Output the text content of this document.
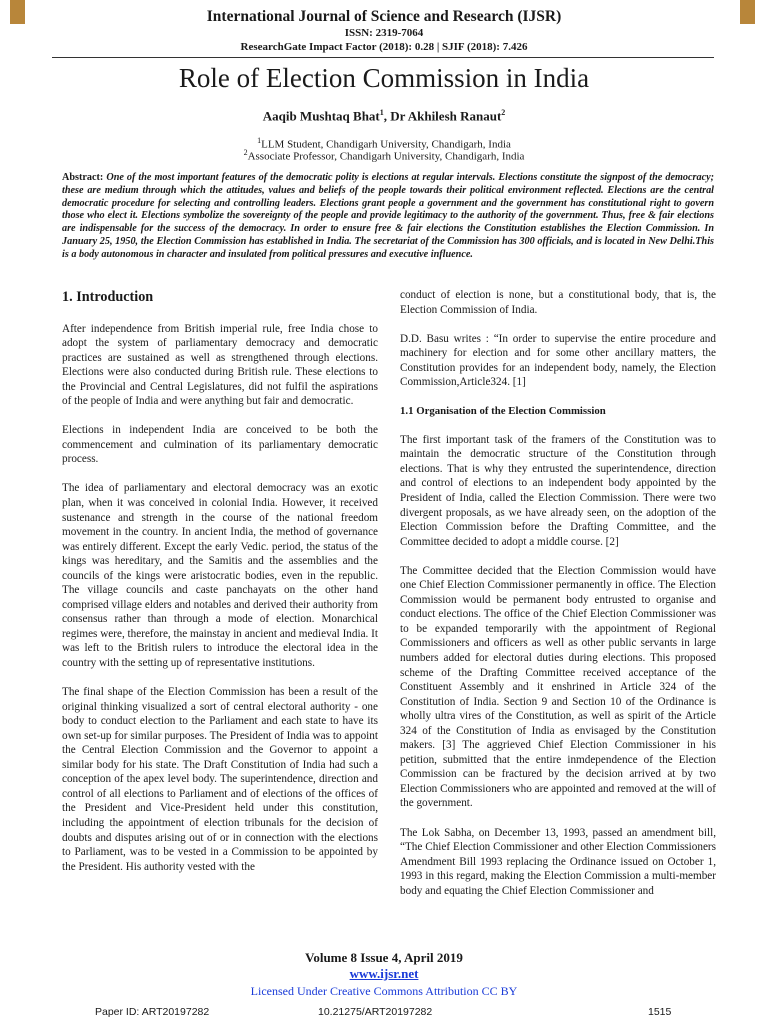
International Journal of Science and Research (IJSR)
ISSN: 2319-7064
ResearchGate Impact Factor (2018): 0.28 | SJIF (2018): 7.426
Role of Election Commission in India
Aaqib Mushtaq Bhat$^1$, Dr Akhilesh Ranaut$^2$
$^1$LLM Student, Chandigarh University, Chandigarh, India
$^2$Associate Professor, Chandigarh University, Chandigarh, India
Abstract: One of the most important features of the democratic polity is elections at regular intervals. Elections constitute the signpost of the democracy; these are medium through which the attitudes, values and beliefs of the people towards their political environment reflected. Elections are the central democratic procedure for selecting and controlling leaders. Elections grant people a government and the government has constitutional right to govern those who elect it. Elections symbolize the sovereignty of the people and provide legitimacy to the authority of the government. Thus, free & fair elections are indispensable for the success of the democracy. In order to ensure free & fair elections the Constitution establishes the Election Commission. In January 25, 1950, the Election Commission has established in India. The secretariat of the Commission has 300 officials, and is located in New Delhi.This is a body autonomous in character and insulated from political pressures and executive influence.
1. Introduction

After independence from British imperial rule, free India chose to adopt the system of parliamentary democracy and democratic practices are sustained as well as strengthened through elections. Elections were also conducted during British rule. These elections to the Provincial and Central Legislatures, did not fulfil the aspirations of the people of India and were anything but fair and democratic.

Elections in independent India are conceived to be both the commencement and culmination of its parliamentary democratic process.

The idea of parliamentary and electoral democracy was an exotic plan, when it was conceived in colonial India. However, it received sustenance and strength in the course of the national freedom movement in the country. In ancient India, the method of governance was entirely different. Except the early Vedic. period, the status of the kings was hereditary, and the Samitis and the assemblies and the councils of the kings were aristocratic bodies, even in the republic. The village councils and caste panchayats on the other hand comprised village elders and notables and derived their authority from consensus rather than through a mode of election. Monarchical regimes were, therefore, the mainstay in ancient and medieval India. It was left to the British rulers to introduce the electoral idea in the country with the setting up of representative institutions.

The final shape of the Election Commission has been a result of the original thinking visualized a sort of central electoral authority - one body to conduct election to the Parliament and each state to have its own set-up for similar purposes. The President of India was to appoint the Central Election Commission and the Governor to appoint a similar body for his state. The Draft Constitution of India had such a conception of the apex level body. The superintendence, direction and control of all elections to Parliament and of elections of the offices of the President and Vice-President held under this constitution, including the appointment of election tribunals for the decision of doubts and disputes arising out of or in connection with the elections to Parliament, was to be vested in a Commission to be appointed by the President. His authority vested with the

conduct of election is none, but a constitutional body, that is, the Election Commission of India.

D.D. Basu writes : “In order to supervise the entire procedure and machinery for election and for some other ancillary matters, the Constitution provides for an independent body, namely, the Election Commission,Article324. [1]

1.1 Organisation of the Election Commission

The first important task of the framers of the Constitution was to maintain the democratic structure of the Constitution through elections. That is why they entrusted the superintendence, direction and control of elections to an independent body appointed by the President of India, called the Election Commission. There were two divergent proposals, as we have already seen, on the adoption of the Election Commission before the Drafting Committee, and the Committee decided to adopt a middle course. [2]

The Committee decided that the Election Commission would have one Chief Election Commissioner permanently in office. The Election Commission would be permanent body entrusted to organise and conduct elections. The office of the Chief Election Commissioner was to be expanded temporarily with the appointment of Regional Commissioners and officers as well as other public servants in large numbers added for electoral duties during elections. This proposed scheme of the Drafting Committee received acceptance of the Constituent Assembly and it enshrined in Article 324 of the Constitution of India. Section 9 and Section 10 of the Ordinance is wholly ultra vires of the Constitution, as well as spirit of the Article 324 of the Constitution of India as envisaged by the Constitution makers. [3] The aggrieved Chief Election Commissioner in his petition, submitted that the entire inmdependence of the Election Commission can be fractured by the decision arrived at by two Election Commissioners who are appointed and removed at the will of the government.

The Lok Sabha, on December 13, 1993, passed an amendment bill, “The Chief Election Commissioner and other Election Commissioners Amendment Bill 1993 replacing the Ordinance issued on October 1, 1993 in this regard, making the Election Commission a multi-member body and equating the Chief Election Commissioner and

Volume 8 Issue 4, April 2019
www.ijsr.net
Licensed Under Creative Commons Attribution CC BY
Paper ID: ART20197282	10.21275/ART20197282	1515
